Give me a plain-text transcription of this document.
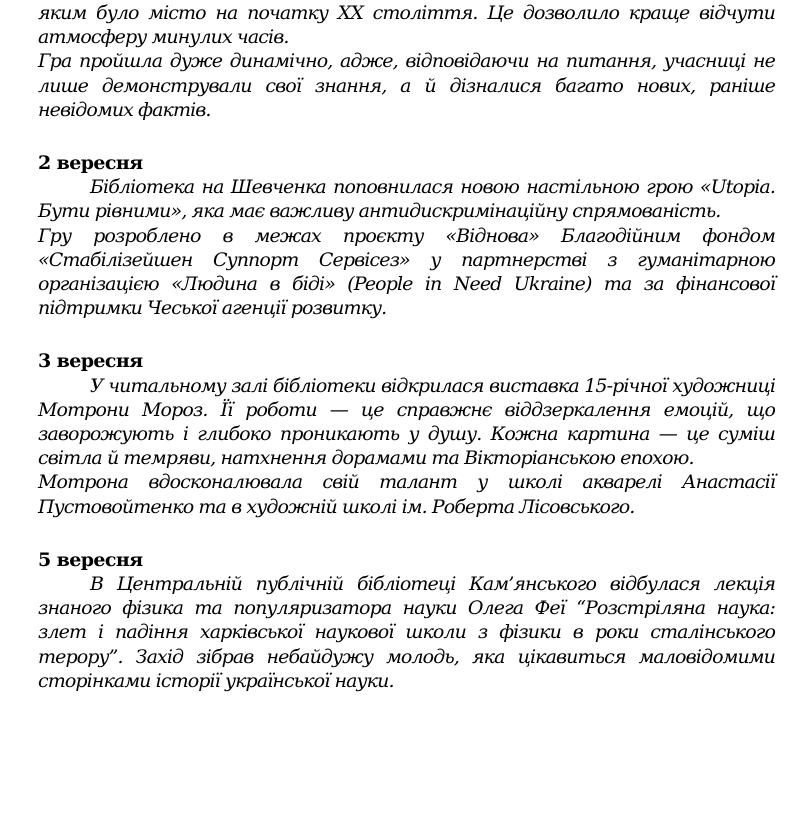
яким було місто на початку ХХ століття. Це дозволило краще відчути атмосферу минулих часів.

Гра пройшла дуже динамічно, адже, відповідаючи на питання, учасниці не лише демонстрували свої знання, а й дізналися багато нових, раніше невідомих фактів.

2 вересня

Бібліотека на Шевченка поповнилася новою настільною грою «Utopia. Бути рівними», яка має важливу антидискримінаційну спрямованість.

Гру розроблено в межах проєкту «Віднова» Благодійним фондом «Стабілізейшен Суппорт Сервісез» у партнерстві з гуманітарною організацією «Людина в біді» (People in Need Ukraine) та за фінансової підтримки Чеської агенції розвитку.

3 вересня

У читальному залі бібліотеки відкрилася виставка 15-річної художниці Мотрони Мороз. Її роботи — це справжнє віддзеркалення емоцій, що заворожують і глибоко проникають у душу. Кожна картина — це суміш світла й темряви, натхнення дорамами та Вікторіанською епохою.

Мотрона вдосконалювала свій талант у школі акварелі Анастасії Пустовойтенко та в художній школі ім. Роберта Лісовського.

5 вересня

В Центральній публічній бібліотеці Кам’янського відбулася лекція знаного фізика та популяризатора науки Олега Феї “Розстріляна наука: злет і падіння харківської наукової школи з фізики в роки сталінського терору”. Захід зібрав небайдужу молодь, яка цікавиться маловідомими сторінками історії української науки.
